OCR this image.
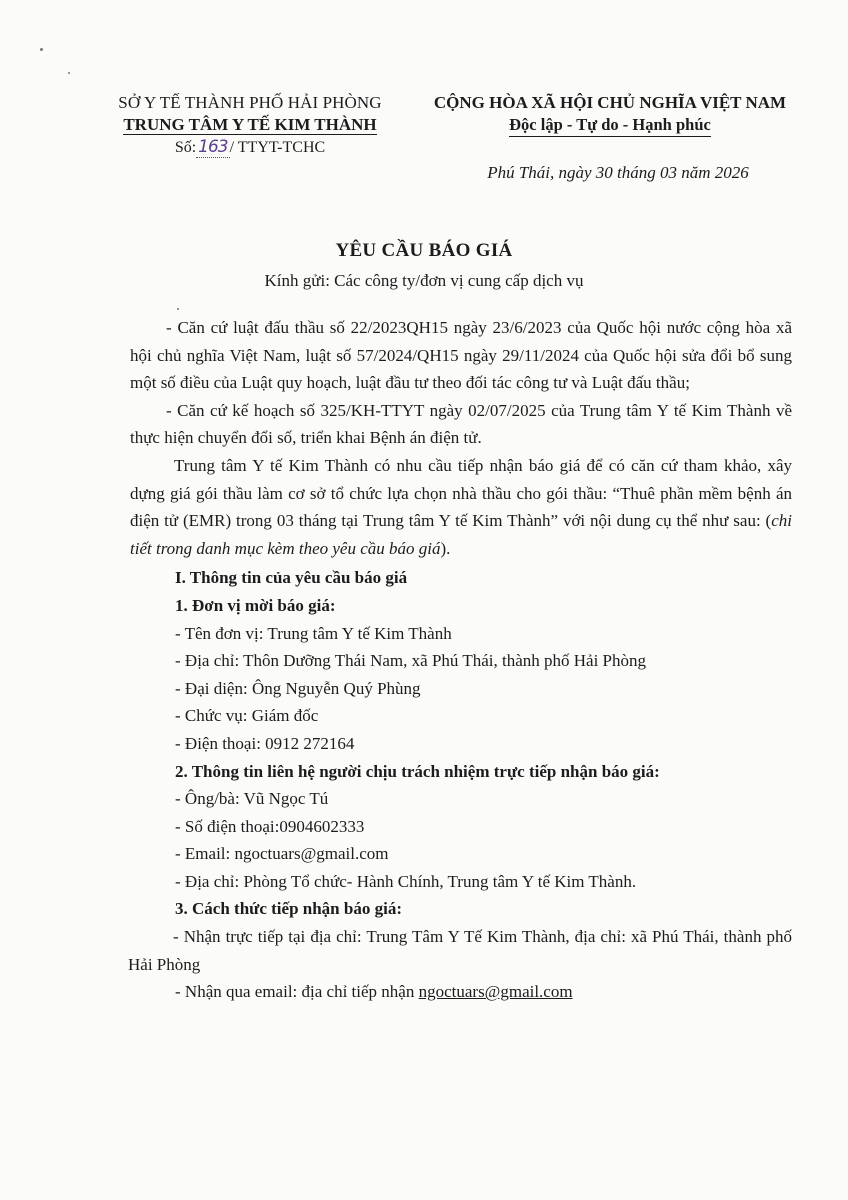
SỞ Y TẾ THÀNH PHỐ HẢI PHÒNG
TRUNG TÂM Y TẾ KIM THÀNH
Số: 163 / TTYT-TCHC
CỘNG HÒA XÃ HỘI CHỦ NGHĨA VIỆT NAM
Độc lập - Tự do - Hạnh phúc
Phú Thái, ngày 30 tháng 03 năm 2026
YÊU CẦU BÁO GIÁ
Kính gửi: Các công ty/đơn vị cung cấp dịch vụ

- Căn cứ luật đấu thầu số 22/2023QH15 ngày 23/6/2023 của Quốc hội nước cộng hòa xã hội chủ nghĩa Việt Nam, luật số 57/2024/QH15 ngày 29/11/2024 của Quốc hội sửa đổi bổ sung một số điều của Luật quy hoạch, luật đầu tư theo đối tác công tư và Luật đấu thầu;

- Căn cứ kế hoạch số 325/KH-TTYT ngày 02/07/2025 của Trung tâm Y tế Kim Thành về thực hiện chuyển đổi số, triển khai Bệnh án điện tử.

Trung tâm Y tế Kim Thành có nhu cầu tiếp nhận báo giá để có căn cứ tham khảo, xây dựng giá gói thầu làm cơ sở tổ chức lựa chọn nhà thầu cho gói thầu: “Thuê phần mềm bệnh án điện tử (EMR) trong 03 tháng tại Trung tâm Y tế Kim Thành” với nội dung cụ thể như sau: (chi tiết trong danh mục kèm theo yêu cầu báo giá).

I. Thông tin của yêu cầu báo giá

1. Đơn vị mời báo giá:

- Tên đơn vị: Trung tâm Y tế Kim Thành

- Địa chỉ: Thôn Dưỡng Thái Nam, xã Phú Thái, thành phố Hải Phòng

- Đại diện: Ông Nguyễn Quý Phùng

- Chức vụ: Giám đốc

- Điện thoại: 0912 272164

2. Thông tin liên hệ người chịu trách nhiệm trực tiếp nhận báo giá:

- Ông/bà: Vũ Ngọc Tú

- Số điện thoại:0904602333

- Email: ngoctuars@gmail.com

- Địa chỉ: Phòng Tổ chức- Hành Chính, Trung tâm Y tế Kim Thành.

3. Cách thức tiếp nhận báo giá:

- Nhận trực tiếp tại địa chỉ: Trung Tâm Y Tế Kim Thành, địa chỉ: xã Phú Thái, thành phố Hải Phòng

- Nhận qua email: địa chỉ tiếp nhận ngoctuars@gmail.com
